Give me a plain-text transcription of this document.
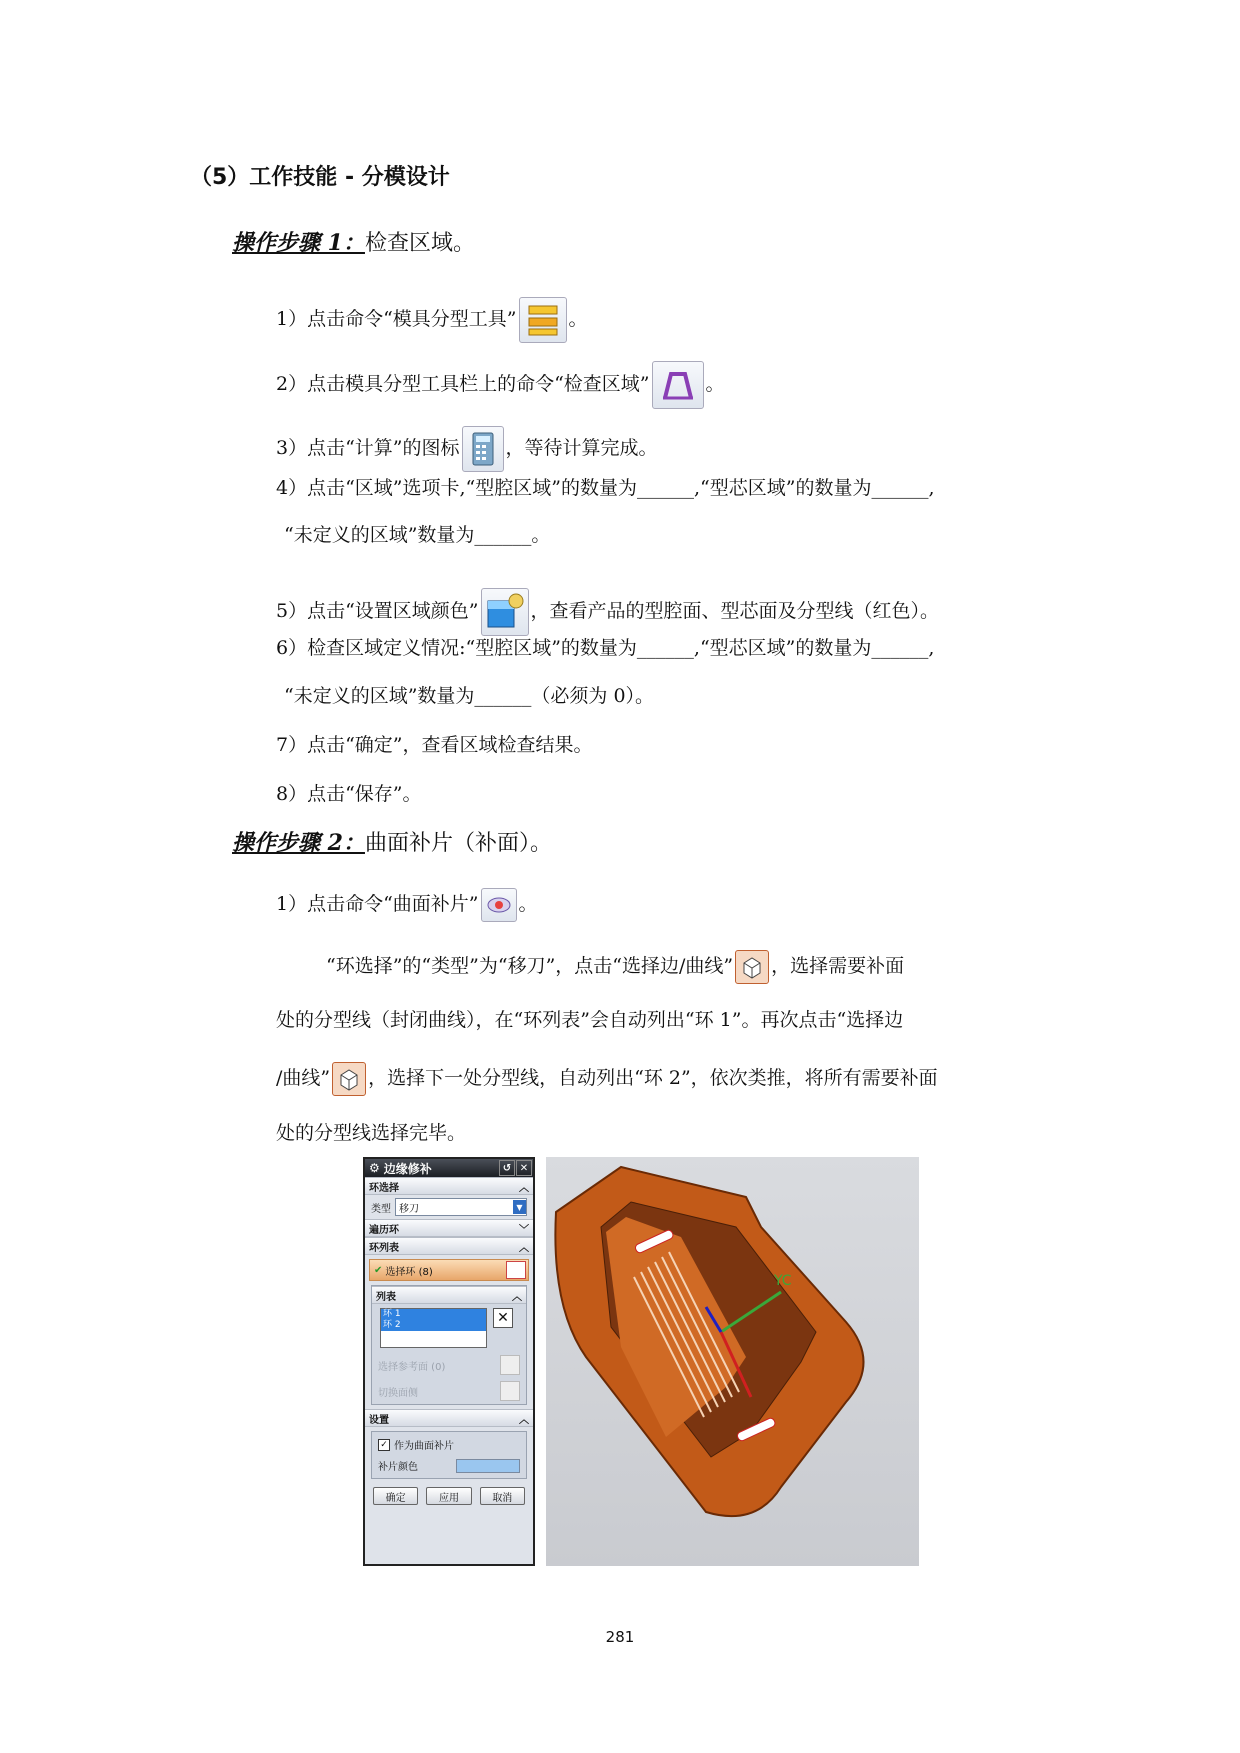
（5）工作技能 - 分模设计
操作步骤 1：检查区域。
1）点击命令“模具分型工具”	。
2）点击模具分型工具栏上的命令“检查区域”	。
3）点击“计算”的图标 ，等待计算完成。
4）点击“区域”选项卡,“型腔区域”的数量为______,“型芯区域”的数量为______,
“未定义的区域”数量为______。
5）点击“设置区域颜色”	，查看产品的型腔面、型芯面及分型线（红色）。
6）检查区域定义情况:“型腔区域”的数量为______,“型芯区域”的数量为______,
“未定义的区域”数量为______（必须为 0）。
7）点击“确定”，查看区域检查结果。
8）点击“保存”。
操作步骤 2：曲面补片（补面）。
1）点击命令“曲面补片” 。
“环选择”的“类型”为“移刀”，点击“选择边/曲线” ，选择需要补面
处的分型线（封闭曲线），在“环列表”会自动列出“环 1”。再次点击“选择边
/曲线” ，选择下一处分型线，自动列出“环 2”，依次类推，将所有需要补面
处的分型线选择完毕。
⚙ 边缘修补	↺ ✕
环选择	︿
类型 移刀	▼
遍历环	﹀
环列表	︿
✔ 选择环 (8)
列表	︿
环 1
环 2	✕
选择参考面 (0)
切换面侧
设置	︿
✓ 作为曲面补片
补片颜色
确定	应用	取消
YC
281
